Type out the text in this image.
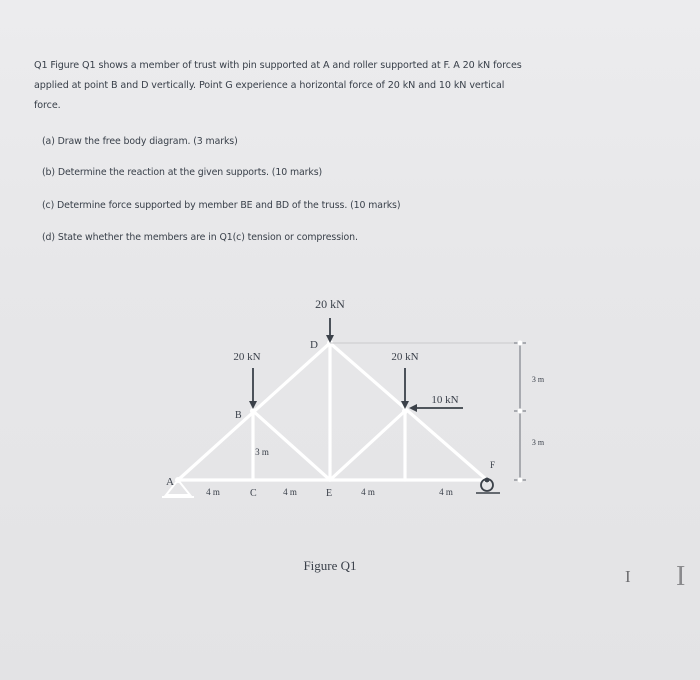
Q1 Figure Q1 shows a member of trust with pin supported at A and roller supported at F. A 20 kN forces
applied at point B and D vertically. Point G experience a horizontal force of 20 kN and 10 kN vertical
force.
(a) Draw the free body diagram. (3 marks)
(b) Determine the reaction at the given supports. (10 marks)
(c) Determine force supported by member BE and BD of the truss. (10 marks)
(d) State whether the members are in Q1(c) tension or compression.
20 kN
20 kN	20 kN
10 kN
A
B
C
D
E
F
4 m	4 m	4 m	4 m
3 m
3 m
3 m
Figure Q1
I I
